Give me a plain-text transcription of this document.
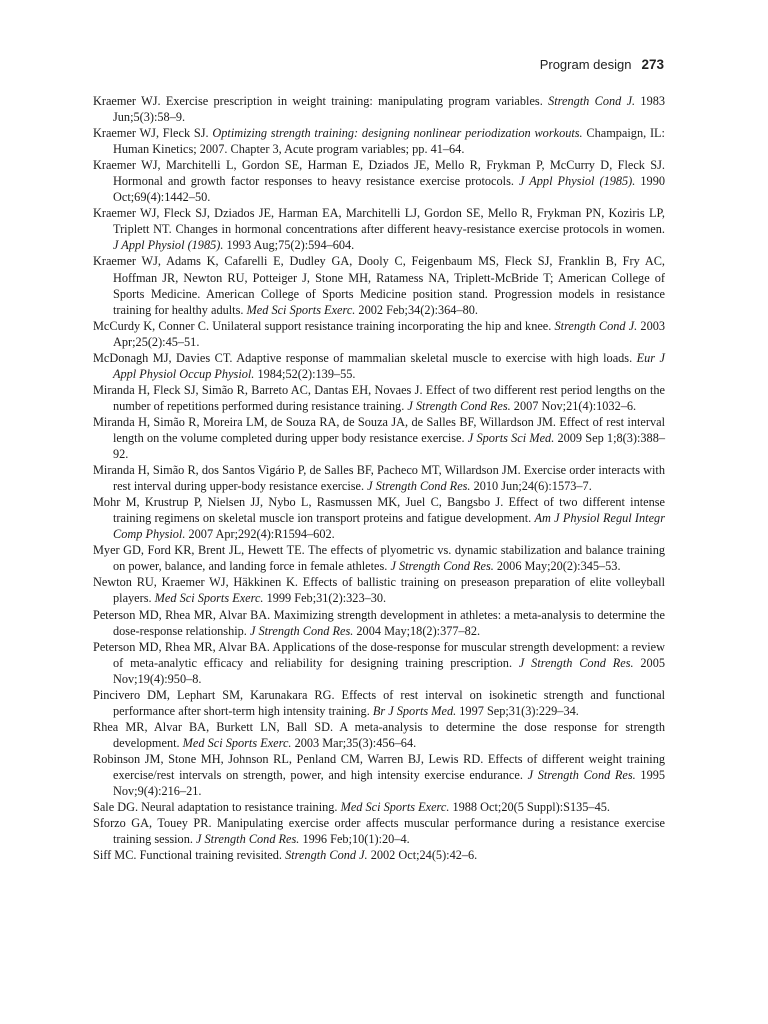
Program design 273
Kraemer WJ. Exercise prescription in weight training: manipulating program variables. Strength Cond J. 1983 Jun;5(3):58–9.
Kraemer WJ, Fleck SJ. Optimizing strength training: designing nonlinear periodization workouts. Champaign, IL: Human Kinetics; 2007. Chapter 3, Acute program variables; pp. 41–64.
Kraemer WJ, Marchitelli L, Gordon SE, Harman E, Dziados JE, Mello R, Frykman P, McCurry D, Fleck SJ. Hormonal and growth factor responses to heavy resistance exercise protocols. J Appl Physiol (1985). 1990 Oct;69(4):1442–50.
Kraemer WJ, Fleck SJ, Dziados JE, Harman EA, Marchitelli LJ, Gordon SE, Mello R, Frykman PN, Koziris LP, Triplett NT. Changes in hormonal concentrations after different heavy-resistance exercise protocols in women. J Appl Physiol (1985). 1993 Aug;75(2):594–604.
Kraemer WJ, Adams K, Cafarelli E, Dudley GA, Dooly C, Feigenbaum MS, Fleck SJ, Franklin B, Fry AC, Hoffman JR, Newton RU, Potteiger J, Stone MH, Ratamess NA, Triplett-McBride T; American College of Sports Medicine. American College of Sports Medicine position stand. Progression models in resistance training for healthy adults. Med Sci Sports Exerc. 2002 Feb;34(2):364–80.
McCurdy K, Conner C. Unilateral support resistance training incorporating the hip and knee. Strength Cond J. 2003 Apr;25(2):45–51.
McDonagh MJ, Davies CT. Adaptive response of mammalian skeletal muscle to exercise with high loads. Eur J Appl Physiol Occup Physiol. 1984;52(2):139–55.
Miranda H, Fleck SJ, Simão R, Barreto AC, Dantas EH, Novaes J. Effect of two different rest period lengths on the number of repetitions performed during resistance training. J Strength Cond Res. 2007 Nov;21(4):1032–6.
Miranda H, Simão R, Moreira LM, de Souza RA, de Souza JA, de Salles BF, Willardson JM. Effect of rest interval length on the volume completed during upper body resistance exercise. J Sports Sci Med. 2009 Sep 1;8(3):388–92.
Miranda H, Simão R, dos Santos Vigário P, de Salles BF, Pacheco MT, Willardson JM. Exercise order interacts with rest interval during upper-body resistance exercise. J Strength Cond Res. 2010 Jun;24(6):1573–7.
Mohr M, Krustrup P, Nielsen JJ, Nybo L, Rasmussen MK, Juel C, Bangsbo J. Effect of two different intense training regimens on skeletal muscle ion transport proteins and fatigue development. Am J Physiol Regul Integr Comp Physiol. 2007 Apr;292(4):R1594–602.
Myer GD, Ford KR, Brent JL, Hewett TE. The effects of plyometric vs. dynamic stabilization and balance training on power, balance, and landing force in female athletes. J Strength Cond Res. 2006 May;20(2):345–53.
Newton RU, Kraemer WJ, Häkkinen K. Effects of ballistic training on preseason preparation of elite volleyball players. Med Sci Sports Exerc. 1999 Feb;31(2):323–30.
Peterson MD, Rhea MR, Alvar BA. Maximizing strength development in athletes: a meta-analysis to determine the dose-response relationship. J Strength Cond Res. 2004 May;18(2):377–82.
Peterson MD, Rhea MR, Alvar BA. Applications of the dose-response for muscular strength development: a review of meta-analytic efficacy and reliability for designing training prescription. J Strength Cond Res. 2005 Nov;19(4):950–8.
Pincivero DM, Lephart SM, Karunakara RG. Effects of rest interval on isokinetic strength and functional performance after short-term high intensity training. Br J Sports Med. 1997 Sep;31(3):229–34.
Rhea MR, Alvar BA, Burkett LN, Ball SD. A meta-analysis to determine the dose response for strength development. Med Sci Sports Exerc. 2003 Mar;35(3):456–64.
Robinson JM, Stone MH, Johnson RL, Penland CM, Warren BJ, Lewis RD. Effects of different weight training exercise/rest intervals on strength, power, and high intensity exercise endurance. J Strength Cond Res. 1995 Nov;9(4):216–21.
Sale DG. Neural adaptation to resistance training. Med Sci Sports Exerc. 1988 Oct;20(5 Suppl):S135–45.
Sforzo GA, Touey PR. Manipulating exercise order affects muscular performance during a resistance exercise training session. J Strength Cond Res. 1996 Feb;10(1):20–4.
Siff MC. Functional training revisited. Strength Cond J. 2002 Oct;24(5):42–6.
